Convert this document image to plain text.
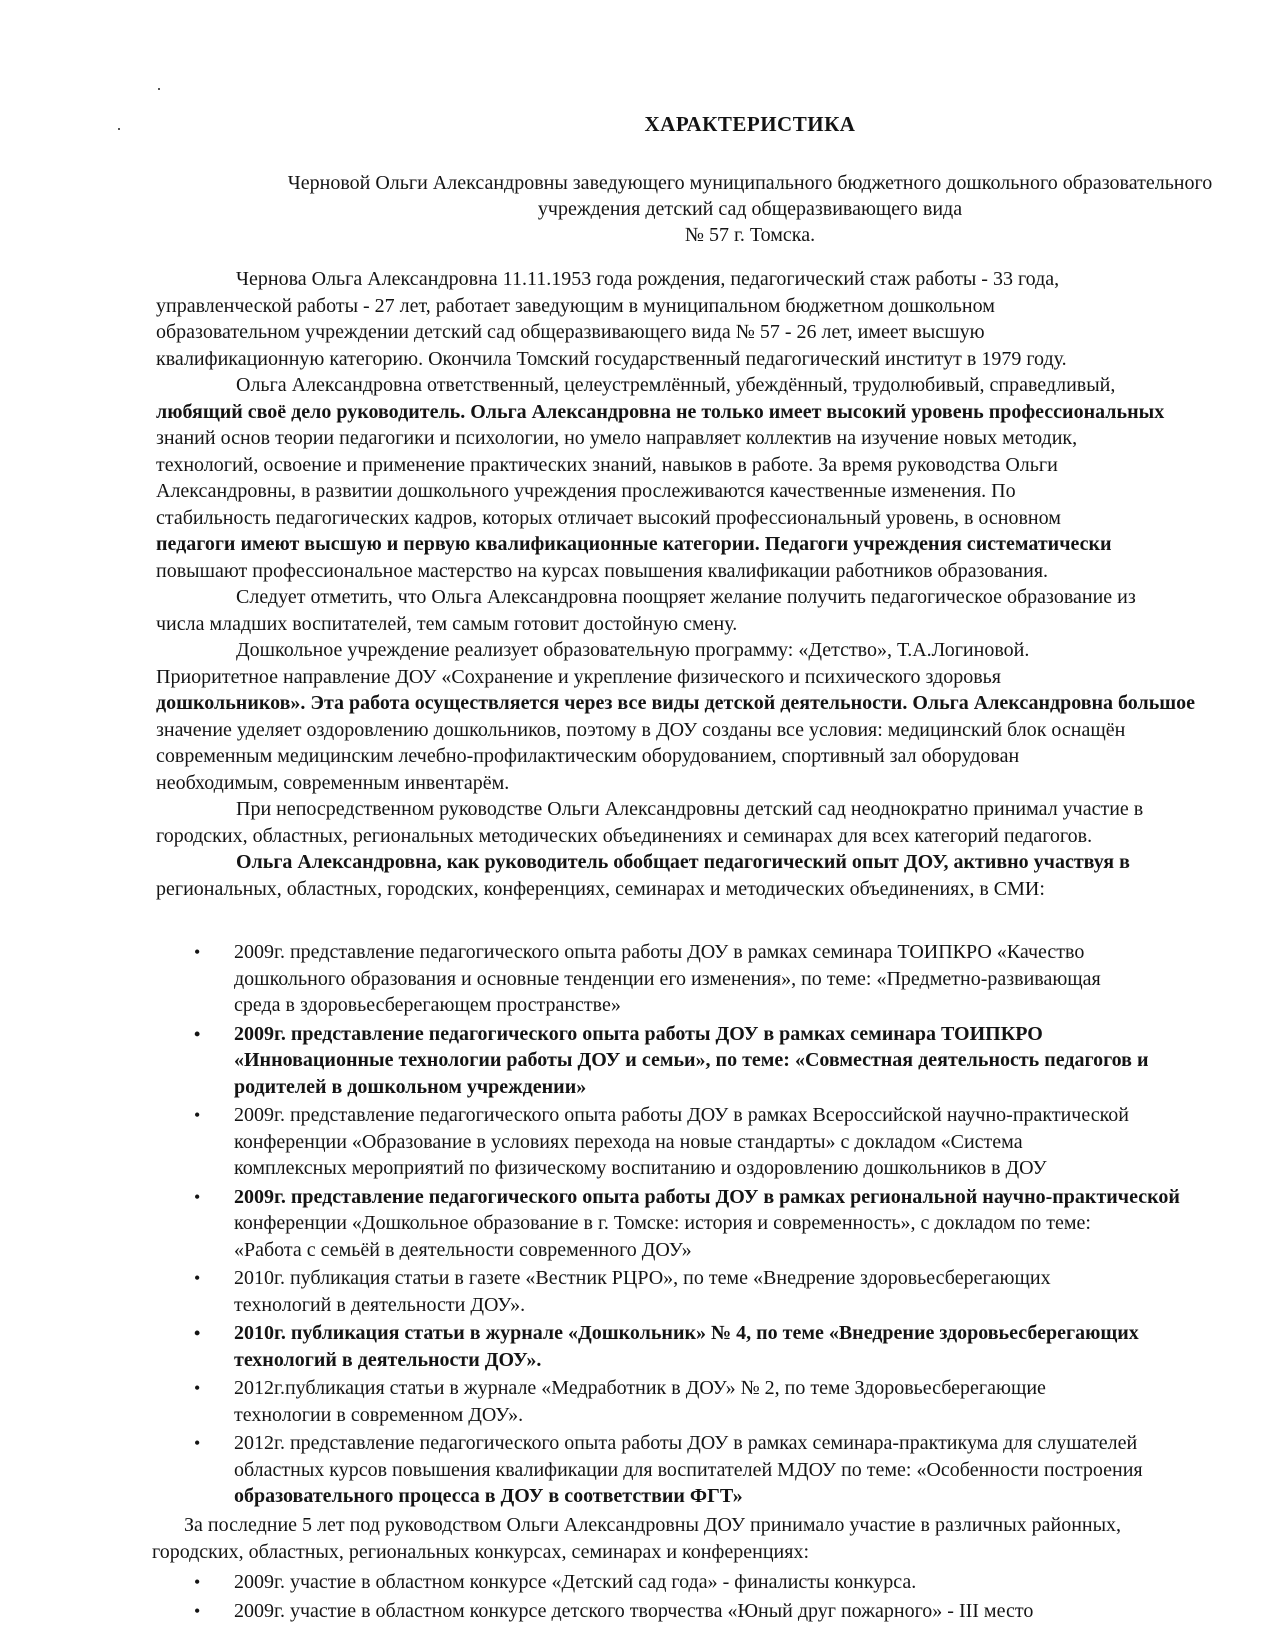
ХАРАКТЕРИСТИКА
Черновой Ольги Александровны заведующего муниципального бюджетного дошкольного образовательного
учреждения детский сад общеразвивающего вида
№ 57 г. Томска.

Чернова Ольга Александровна 11.11.1953 года рождения, педагогический стаж работы - 33 года,

управленческой работы - 27 лет, работает заведующим в муниципальном бюджетном дошкольном

образовательном учреждении детский сад общеразвивающего вида № 57 - 26 лет, имеет высшую

квалификационную категорию. Окончила Томский государственный педагогический институт в 1979 году.

Ольга Александровна ответственный, целеустремлённый, убеждённый, трудолюбивый, справедливый,

любящий своё дело руководитель. Ольга Александровна не только имеет высокий уровень профессиональных

знаний основ теории педагогики и психологии, но умело направляет коллектив на изучение новых методик,

технологий, освоение и применение практических знаний, навыков в работе. За время руководства Ольги

Александровны, в развитии дошкольного учреждения прослеживаются качественные изменения. По

стабильность педагогических кадров, которых отличает высокий профессиональный уровень, в основном

педагоги имеют высшую и первую квалификационные категории. Педагоги учреждения систематически

повышают профессиональное мастерство на курсах повышения квалификации работников образования.

Следует отметить, что Ольга Александровна поощряет желание получить педагогическое образование из

числа младших воспитателей, тем самым готовит достойную смену.

Дошкольное учреждение реализует образовательную программу: «Детство», Т.А.Логиновой.

Приоритетное направление ДОУ «Сохранение и укрепление физического и психического здоровья

дошкольников». Эта работа осуществляется через все виды детской деятельности. Ольга Александровна большое

значение уделяет оздоровлению дошкольников, поэтому в ДОУ созданы все условия: медицинский блок оснащён

современным медицинским лечебно-профилактическим оборудованием, спортивный зал оборудован

необходимым, современным инвентарём.

При непосредственном руководстве Ольги Александровны детский сад неоднократно принимал участие в

городских, областных, региональных методических объединениях и семинарах для всех категорий педагогов.

Ольга Александровна, как руководитель обобщает педагогический опыт ДОУ, активно участвуя в

региональных, областных, городских, конференциях, семинарах и методических объединениях, в СМИ:

• 2009г. представление педагогического опыта работы ДОУ в рамках семинара ТОИПКРО «Качество

дошкольного образования и основные тенденции его изменения», по теме: «Предметно-развивающая

среда в здоровьесберегающем пространстве»

• 2009г. представление педагогического опыта работы ДОУ в рамках семинара ТОИПКРО

«Инновационные технологии работы ДОУ и семьи», по теме: «Совместная деятельность педагогов и

родителей в дошкольном учреждении»

• 2009г. представление педагогического опыта работы ДОУ в рамках Всероссийской научно-практической

конференции «Образование в условиях перехода на новые стандарты» с докладом «Система

комплексных мероприятий по физическому воспитанию и оздоровлению дошкольников в ДОУ

• 2009г. представление педагогического опыта работы ДОУ в рамках региональной научно-практической

конференции «Дошкольное образование в г. Томске: история и современность», с докладом по теме:

«Работа с семьёй в деятельности современного ДОУ»

• 2010г. публикация статьи в газете «Вестник РЦРО», по теме «Внедрение здоровьесберегающих

технологий в деятельности ДОУ».

• 2010г. публикация статьи в журнале «Дошкольник» № 4, по теме «Внедрение здоровьесберегающих

технологий в деятельности ДОУ».

• 2012г.публикация статьи в журнале «Медработник в ДОУ» № 2, по теме Здоровьесберегающие

технологии в современном ДОУ».

• 2012г. представление педагогического опыта работы ДОУ в рамках семинара-практикума для слушателей

областных курсов повышения квалификации для воспитателей МДОУ по теме: «Особенности построения

образовательного процесса в ДОУ в соответствии ФГТ»

За последние 5 лет под руководством Ольги Александровны ДОУ принимало участие в различных районных,

городских, областных, региональных конкурсах, семинарах и конференциях:

• 2009г. участие в областном конкурсе «Детский сад года» - финалисты конкурса.

• 2009г. участие в областном конкурсе детского творчества «Юный друг пожарного» - III место
